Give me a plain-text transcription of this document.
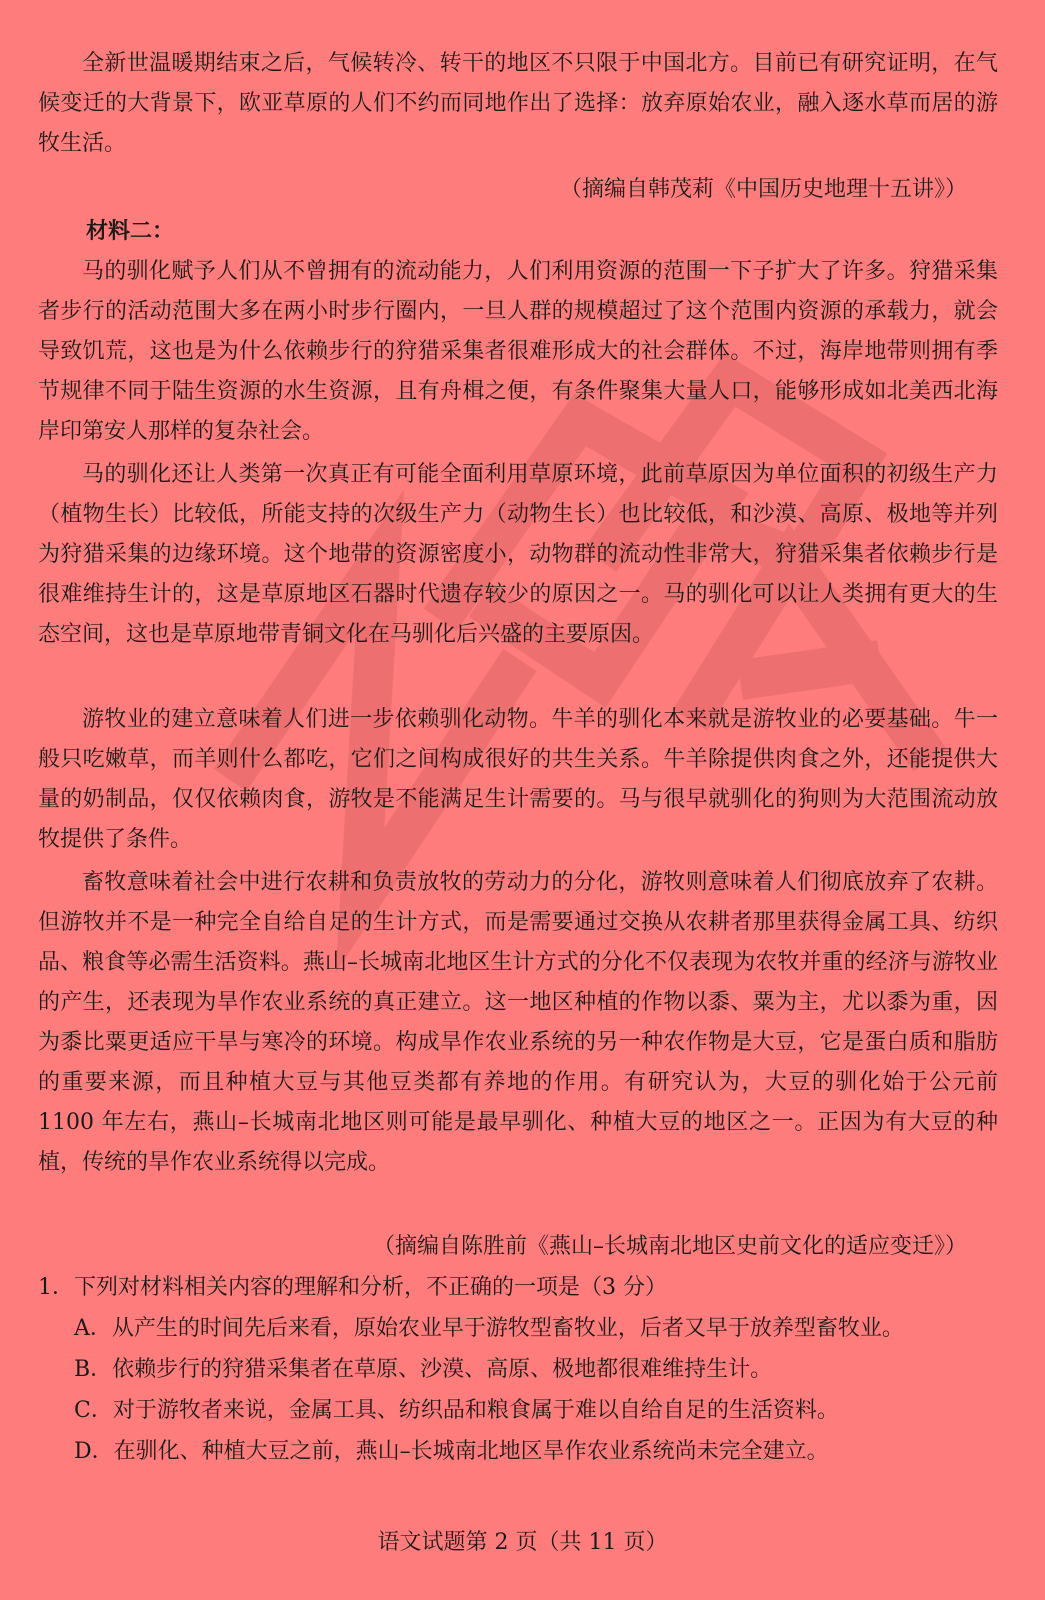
全新世温暖期结束之后，气候转冷、转干的地区不只限于中国北方。目前已有研究证明，在气候变迁的大背景下，欧亚草原的人们不约而同地作出了选择：放弃原始农业，融入逐水草而居的游牧生活。

（摘编自韩茂莉《中国历史地理十五讲》）

材料二：

马的驯化赋予人们从不曾拥有的流动能力，人们利用资源的范围一下子扩大了许多。狩猎采集者步行的活动范围大多在两小时步行圈内，一旦人群的规模超过了这个范围内资源的承载力，就会导致饥荒，这也是为什么依赖步行的狩猎采集者很难形成大的社会群体。不过，海岸地带则拥有季节规律不同于陆生资源的水生资源，且有舟楫之便，有条件聚集大量人口，能够形成如北美西北海岸印第安人那样的复杂社会。

马的驯化还让人类第一次真正有可能全面利用草原环境，此前草原因为单位面积的初级生产力（植物生长）比较低，所能支持的次级生产力（动物生长）也比较低，和沙漠、高原、极地等并列为狩猎采集的边缘环境。这个地带的资源密度小，动物群的流动性非常大，狩猎采集者依赖步行是很难维持生计的，这是草原地区石器时代遗存较少的原因之一。马的驯化可以让人类拥有更大的生态空间，这也是草原地带青铜文化在马驯化后兴盛的主要原因。

游牧业的建立意味着人们进一步依赖驯化动物。牛羊的驯化本来就是游牧业的必要基础。牛一般只吃嫩草，而羊则什么都吃，它们之间构成很好的共生关系。牛羊除提供肉食之外，还能提供大量的奶制品，仅仅依赖肉食，游牧是不能满足生计需要的。马与很早就驯化的狗则为大范围流动放牧提供了条件。

畜牧意味着社会中进行农耕和负责放牧的劳动力的分化，游牧则意味着人们彻底放弃了农耕。但游牧并不是一种完全自给自足的生计方式，而是需要通过交换从农耕者那里获得金属工具、纺织品、粮食等必需生活资料。燕山–长城南北地区生计方式的分化不仅表现为农牧并重的经济与游牧业的产生，还表现为旱作农业系统的真正建立。这一地区种植的作物以黍、粟为主，尤以黍为重，因为黍比粟更适应干旱与寒冷的环境。构成旱作农业系统的另一种农作物是大豆，它是蛋白质和脂肪的重要来源，而且种植大豆与其他豆类都有养地的作用。有研究认为，大豆的驯化始于公元前 1100 年左右，燕山–长城南北地区则可能是最早驯化、种植大豆的地区之一。正因为有大豆的种植，传统的旱作农业系统得以完成。

（摘编自陈胜前《燕山–长城南北地区史前文化的适应变迁》）

1．下列对材料相关内容的理解和分析，不正确的一项是（3 分）

A．从产生的时间先后来看，原始农业早于游牧型畜牧业，后者又早于放养型畜牧业。

B．依赖步行的狩猎采集者在草原、沙漠、高原、极地都很难维持生计。

C．对于游牧者来说，金属工具、纺织品和粮食属于难以自给自足的生活资料。

D．在驯化、种植大豆之前，燕山–长城南北地区旱作农业系统尚未完全建立。

语文试题第 2 页（共 11 页）
